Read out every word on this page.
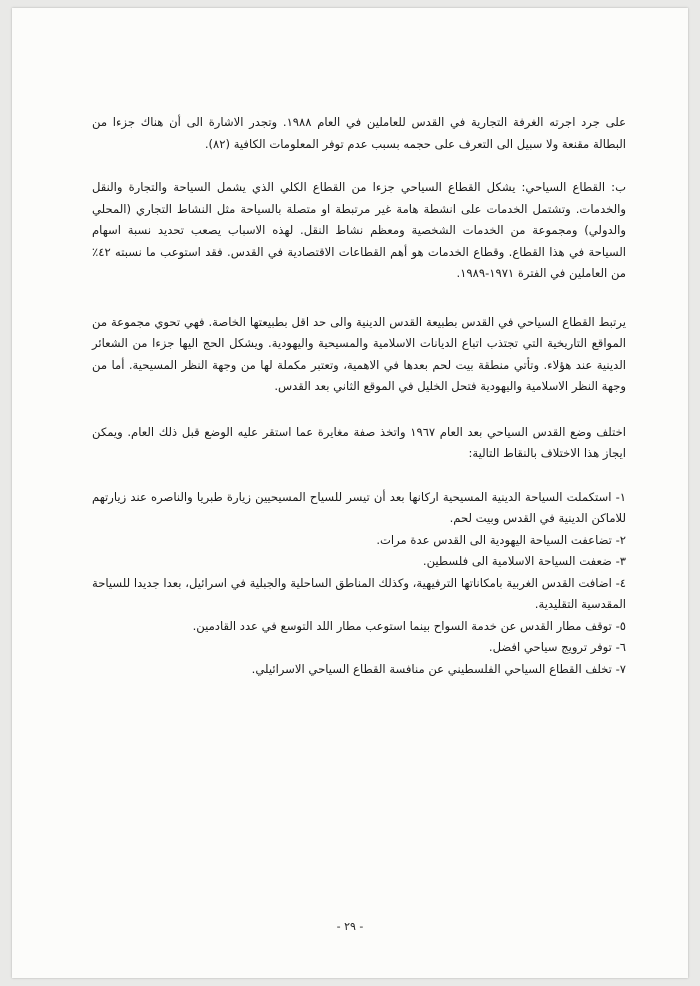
على جرد اجرته الغرفة التجارية في القدس للعاملين في العام ١٩٨٨. وتجدر الاشارة الى أن هناك جزءا من البطالة مقنعة ولا سبيل الى التعرف على حجمه بسبب عدم توفر المعلومات الكافية (٨٢).

ب: القطاع السياحي: يشكل القطاع السياحي جزءا من القطاع الكلي الذي يشمل السياحة والتجارة والنقل والخدمات. وتشتمل الخدمات على انشطة هامة غير مرتبطة او متصلة بالسياحة مثل النشاط التجاري (المحلي والدولي) ومجموعة من الخدمات الشخصية ومعظم نشاط النقل. لهذه الاسباب يصعب تحديد نسبة اسهام السياحة في هذا القطاع. وقطاع الخدمات هو أهم القطاعات الاقتصادية في القدس. فقد استوعب ما نسبته ٤٢٪ من العاملين في الفترة ١٩٧١-١٩٨٩.

يرتبط القطاع السياحي في القدس بطبيعة القدس الدينية والى حد اقل بطبيعتها الخاصة. فهي تحوي مجموعة من المواقع التاريخية التي تجتذب اتباع الديانات الاسلامية والمسيحية واليهودية. ويشكل الحج اليها جزءا من الشعائر الدينية عند هؤلاء. وتأتي منطقة بيت لحم بعدها في الاهمية، وتعتبر مكملة لها من وجهة النظر المسيحية. أما من وجهة النظر الاسلامية واليهودية فتحل الخليل في الموقع الثاني بعد القدس.

اختلف وضع القدس السياحي بعد العام ١٩٦٧ واتخذ صفة مغايرة عما استقر عليه الوضع قبل ذلك العام. ويمكن ايجاز هذا الاختلاف بالنقاط التالية:

١- استكملت السياحة الدينية المسيحية اركانها بعد أن تيسر للسياح المسيحيين زيارة طبريا والناصره عند زيارتهم للاماكن الدينية في القدس وبيت لحم.
٢- تضاعفت السياحة اليهودية الى القدس عدة مرات.
٣- ضعفت السياحة الاسلامية الى فلسطين.
٤- اضافت القدس الغربية بامكاناتها الترفيهية، وكذلك المناطق الساحلية والجبلية في اسرائيل، بعدا جديدا للسياحة المقدسية التقليدية.
٥- توقف مطار القدس عن خدمة السواح بينما استوعب مطار اللد التوسع في عدد القادمين.
٦- توفر ترويج سياحي افضل.
٧- تخلف القطاع السياحي الفلسطيني عن منافسة القطاع السياحي الاسرائيلي.
- ٢٩ -
